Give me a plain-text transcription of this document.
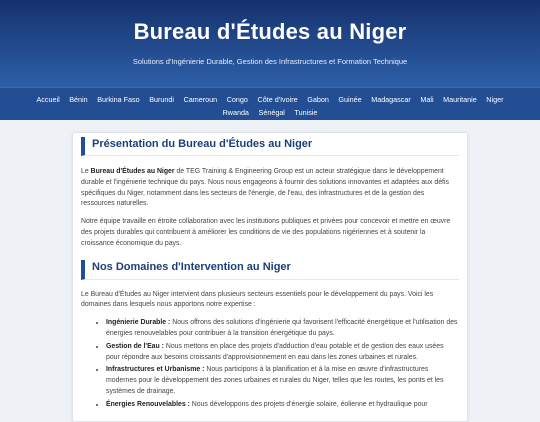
Bureau d'Études au Niger
Solutions d'Ingénierie Durable, Gestion des Infrastructures et Formation Technique
Accueil Bénin Burkina Faso Burundi Cameroun Congo Côte d'Ivoire Gabon Guinée Madagascar Mali Mauritanie Niger
Rwanda Sénégal Tunisie
Présentation du Bureau d'Études au Niger

Le Bureau d'Études au Niger de TEG Training & Engineering Group est un acteur stratégique dans le développement durable et l'ingénierie technique du pays. Nous nous engageons à fournir des solutions innovantes et adaptées aux défis spécifiques du Niger, notamment dans les secteurs de l'énergie, de l'eau, des infrastructures et de la gestion des ressources naturelles.

Notre équipe travaille en étroite collaboration avec les institutions publiques et privées pour concevoir et mettre en œuvre des projets durables qui contribuent à améliorer les conditions de vie des populations nigériennes et à soutenir la croissance économique du pays.

Nos Domaines d'Intervention au Niger

Le Bureau d'Études au Niger intervient dans plusieurs secteurs essentiels pour le développement du pays. Voici les domaines dans lesquels nous apportons notre expertise :

• Ingénierie Durable : Nous offrons des solutions d'ingénierie qui favorisent l'efficacité énergétique et l'utilisation des énergies renouvelables pour contribuer à la transition énergétique du pays.
• Gestion de l'Eau : Nous mettons en place des projets d'adduction d'eau potable et de gestion des eaux usées pour répondre aux besoins croissants d'approvisionnement en eau dans les zones urbaines et rurales.
• Infrastructures et Urbanisme : Nous participons à la planification et à la mise en œuvre d'infrastructures modernes pour le développement des zones urbaines et rurales du Niger, telles que les routes, les ponts et les systèmes de drainage.
• Énergies Renouvelables : Nous développons des projets d'énergie solaire, éolienne et hydraulique pour
